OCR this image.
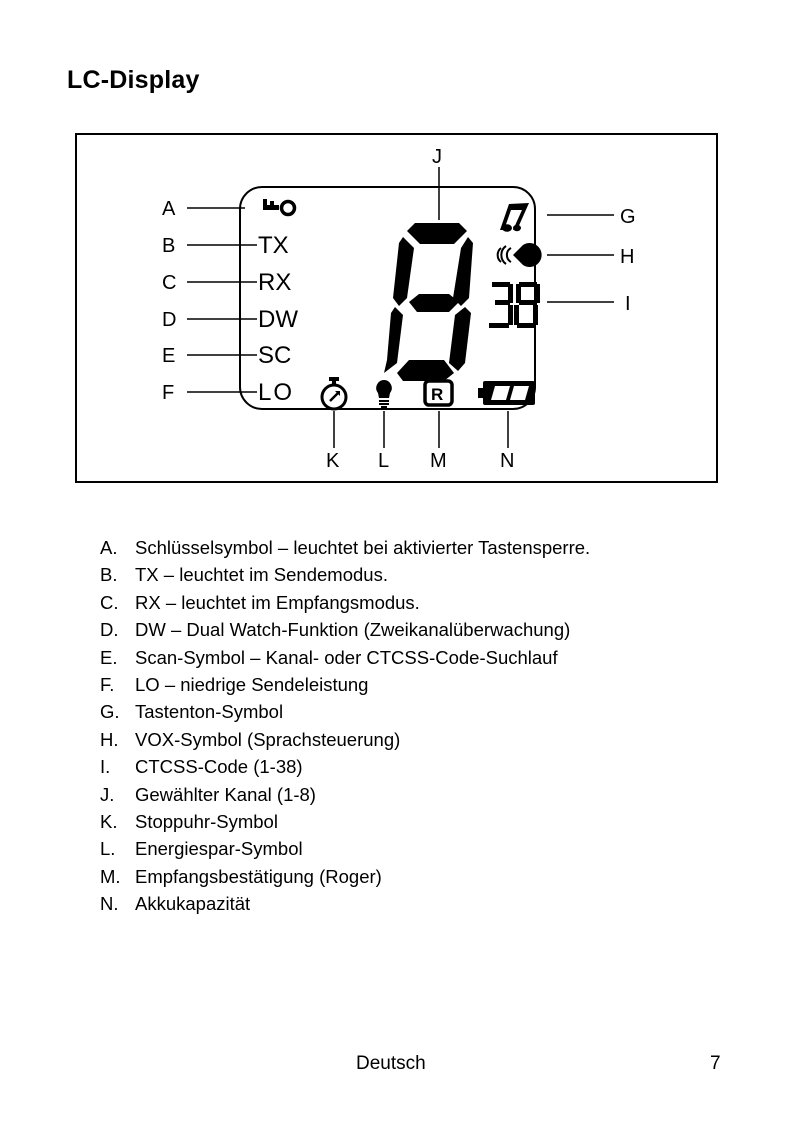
LC-Display
A
B
C
D
E
F
G
H
I
J
K L M	N
TX
RX
DW
SC
LO	R
A. Schlüsselsymbol – leuchtet bei aktivierter Tastensperre.
B. TX – leuchtet im Sendemodus.
C. RX – leuchtet im Empfangsmodus.
D. DW – Dual Watch-Funktion (Zweikanalüberwachung)
E. Scan-Symbol – Kanal- oder CTCSS-Code-Suchlauf
F. LO – niedrige Sendeleistung
G. Tastenton-Symbol
H. VOX-Symbol (Sprachsteuerung)
I. CTCSS-Code (1-38)
J. Gewählter Kanal (1-8)
K. Stoppuhr-Symbol
L. Energiespar-Symbol
M. Empfangsbestätigung (Roger)
N. Akkukapazität
Deutsch	7
